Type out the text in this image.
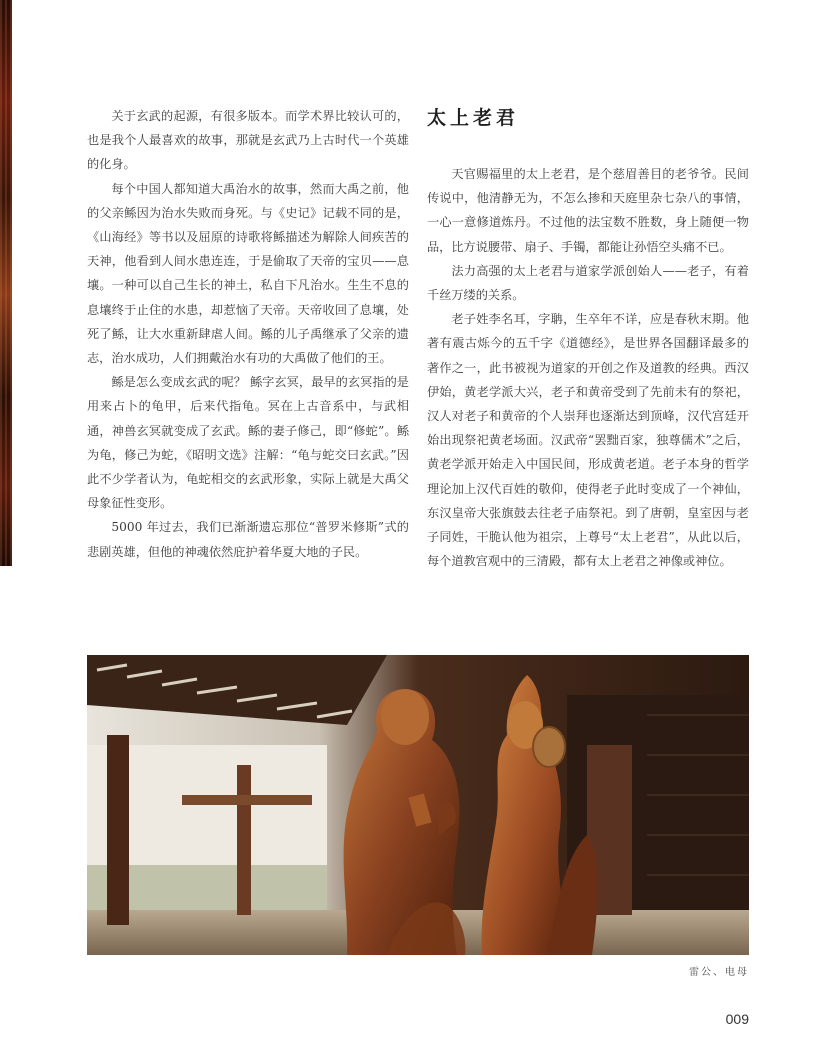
关于玄武的起源，有很多版本。而学术界比较认可的，也是我个人最喜欢的故事，那就是玄武乃上古时代一个英雄的化身。

每个中国人都知道大禹治水的故事，然而大禹之前，他的父亲鲧因为治水失败而身死。与《史记》记载不同的是，《山海经》等书以及屈原的诗歌将鲧描述为解除人间疾苦的天神，他看到人间水患连连，于是偷取了天帝的宝贝——息壤。一种可以自己生长的神土，私自下凡治水。生生不息的息壤终于止住的水患，却惹恼了天帝。天帝收回了息壤，处死了鲧，让大水重新肆虐人间。鲧的儿子禹继承了父亲的遗志，治水成功，人们拥戴治水有功的大禹做了他们的王。

鲧是怎么变成玄武的呢？ 鲧字玄冥，最早的玄冥指的是用来占卜的龟甲，后来代指龟。冥在上古音系中，与武相通，神兽玄冥就变成了玄武。鲧的妻子修己，即“修蛇”。鲧为龟，修己为蛇，《昭明文选》注解：“龟与蛇交曰玄武。”因此不少学者认为，龟蛇相交的玄武形象，实际上就是大禹父母象征性变形。

5000 年过去，我们已渐渐遗忘那位“普罗米修斯”式的悲剧英雄，但他的神魂依然庇护着华夏大地的子民。

太上老君

天官赐福里的太上老君，是个慈眉善目的老爷爷。民间传说中，他清静无为，不怎么掺和天庭里杂七杂八的事情，一心一意修道炼丹。不过他的法宝数不胜数，身上随便一物品，比方说腰带、扇子、手镯，都能让孙悟空头痛不已。

法力高强的太上老君与道家学派创始人——老子，有着千丝万缕的关系。

老子姓李名耳，字聃，生卒年不详，应是春秋末期。他著有震古烁今的五千字《道德经》，是世界各国翻译最多的著作之一，此书被视为道家的开创之作及道教的经典。西汉伊始，黄老学派大兴，老子和黄帝受到了先前未有的祭祀，汉人对老子和黄帝的个人崇拜也逐渐达到顶峰，汉代宫廷开始出现祭祀黄老场面。汉武帝“罢黜百家，独尊儒术”之后，黄老学派开始走入中国民间，形成黄老道。老子本身的哲学理论加上汉代百姓的敬仰，使得老子此时变成了一个神仙，东汉皇帝大张旗鼓去往老子庙祭祀。到了唐朝，皇室因与老子同姓，干脆认他为祖宗，上尊号“太上老君”，从此以后，每个道教宫观中的三清殿，都有太上老君之神像或神位。

雷公、电母
009
